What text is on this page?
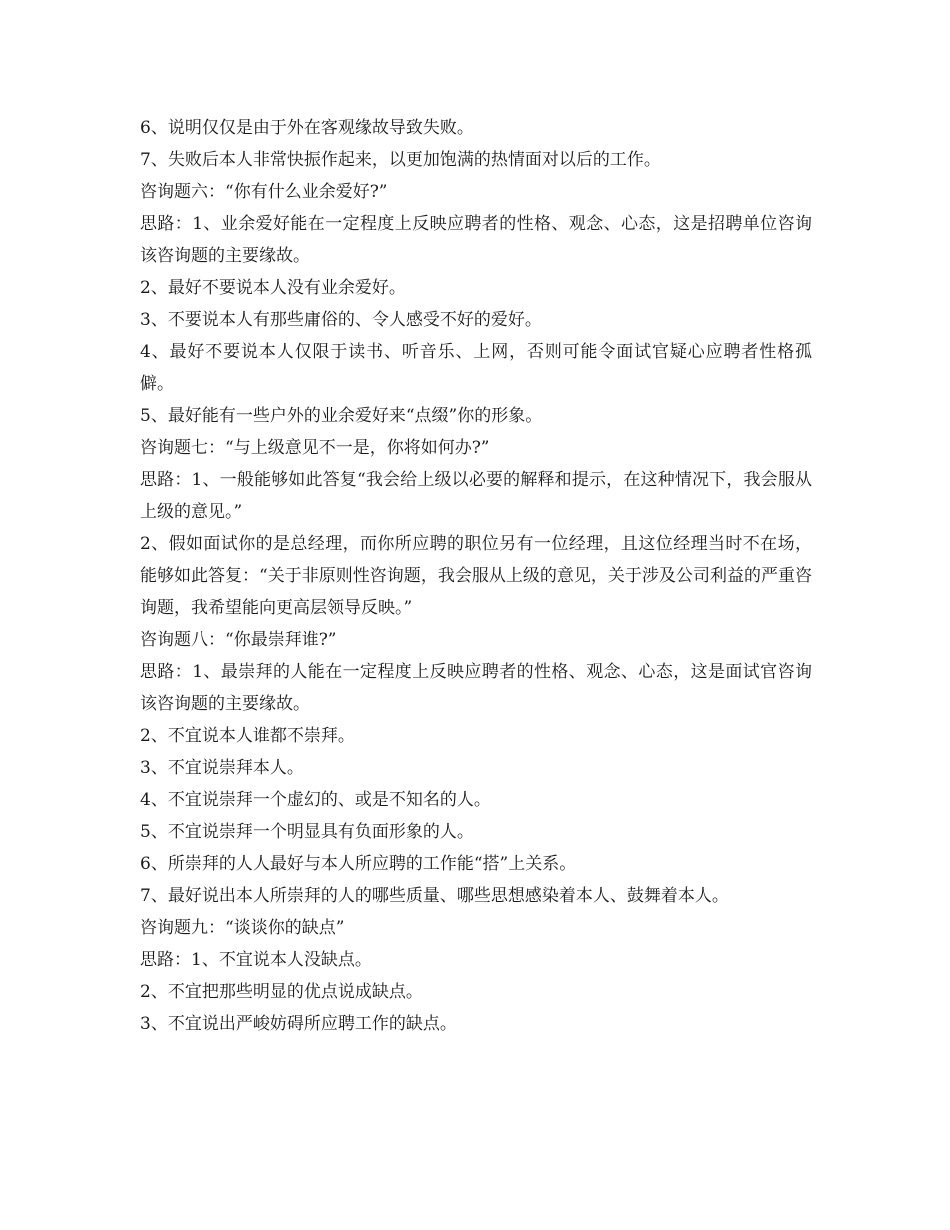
6、说明仅仅是由于外在客观缘故导致失败。

7、失败后本人非常快振作起来，以更加饱满的热情面对以后的工作。

咨询题六：“你有什么业余爱好?”

思路：1、业余爱好能在一定程度上反映应聘者的性格、观念、心态，这是招聘单位咨询该咨询题的主要缘故。

2、最好不要说本人没有业余爱好。

3、不要说本人有那些庸俗的、令人感受不好的爱好。

4、最好不要说本人仅限于读书、听音乐、上网，否则可能令面试官疑心应聘者性格孤僻。

5、最好能有一些户外的业余爱好来“点缀”你的形象。

咨询题七：“与上级意见不一是，你将如何办?”

思路：1、一般能够如此答复“我会给上级以必要的解释和提示，在这种情况下，我会服从上级的意见。”

2、假如面试你的是总经理，而你所应聘的职位另有一位经理，且这位经理当时不在场，能够如此答复：“关于非原则性咨询题，我会服从上级的意见，关于涉及公司利益的严重咨询题，我希望能向更高层领导反映。”

咨询题八：“你最崇拜谁?”

思路：1、最崇拜的人能在一定程度上反映应聘者的性格、观念、心态，这是面试官咨询该咨询题的主要缘故。

2、不宜说本人谁都不崇拜。

3、不宜说崇拜本人。

4、不宜说崇拜一个虚幻的、或是不知名的人。

5、不宜说崇拜一个明显具有负面形象的人。

6、所崇拜的人人最好与本人所应聘的工作能“搭”上关系。

7、最好说出本人所崇拜的人的哪些质量、哪些思想感染着本人、鼓舞着本人。

咨询题九：“谈谈你的缺点”

思路：1、不宜说本人没缺点。

2、不宜把那些明显的优点说成缺点。

3、不宜说出严峻妨碍所应聘工作的缺点。
